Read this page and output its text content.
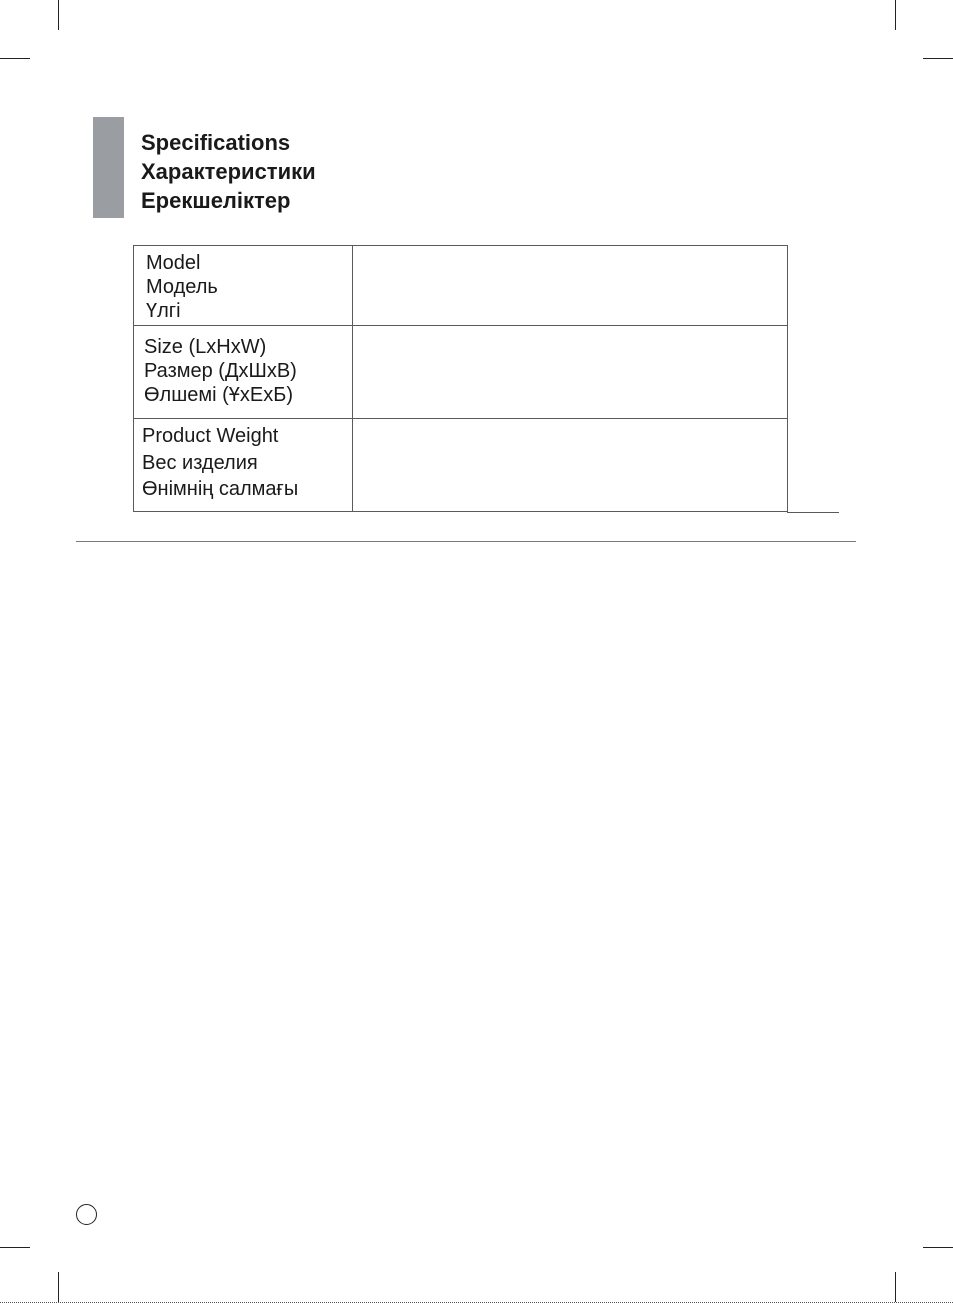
Specifications
Характеристики
Ерекшеліктер
Model
Модель
Үлгі	

Size (LxHxW)
Размер (ДхШхВ)
Өлшемі (ҰхЕхБ)	

Product Weight
Вес изделия
Өнімнің салмағы	
